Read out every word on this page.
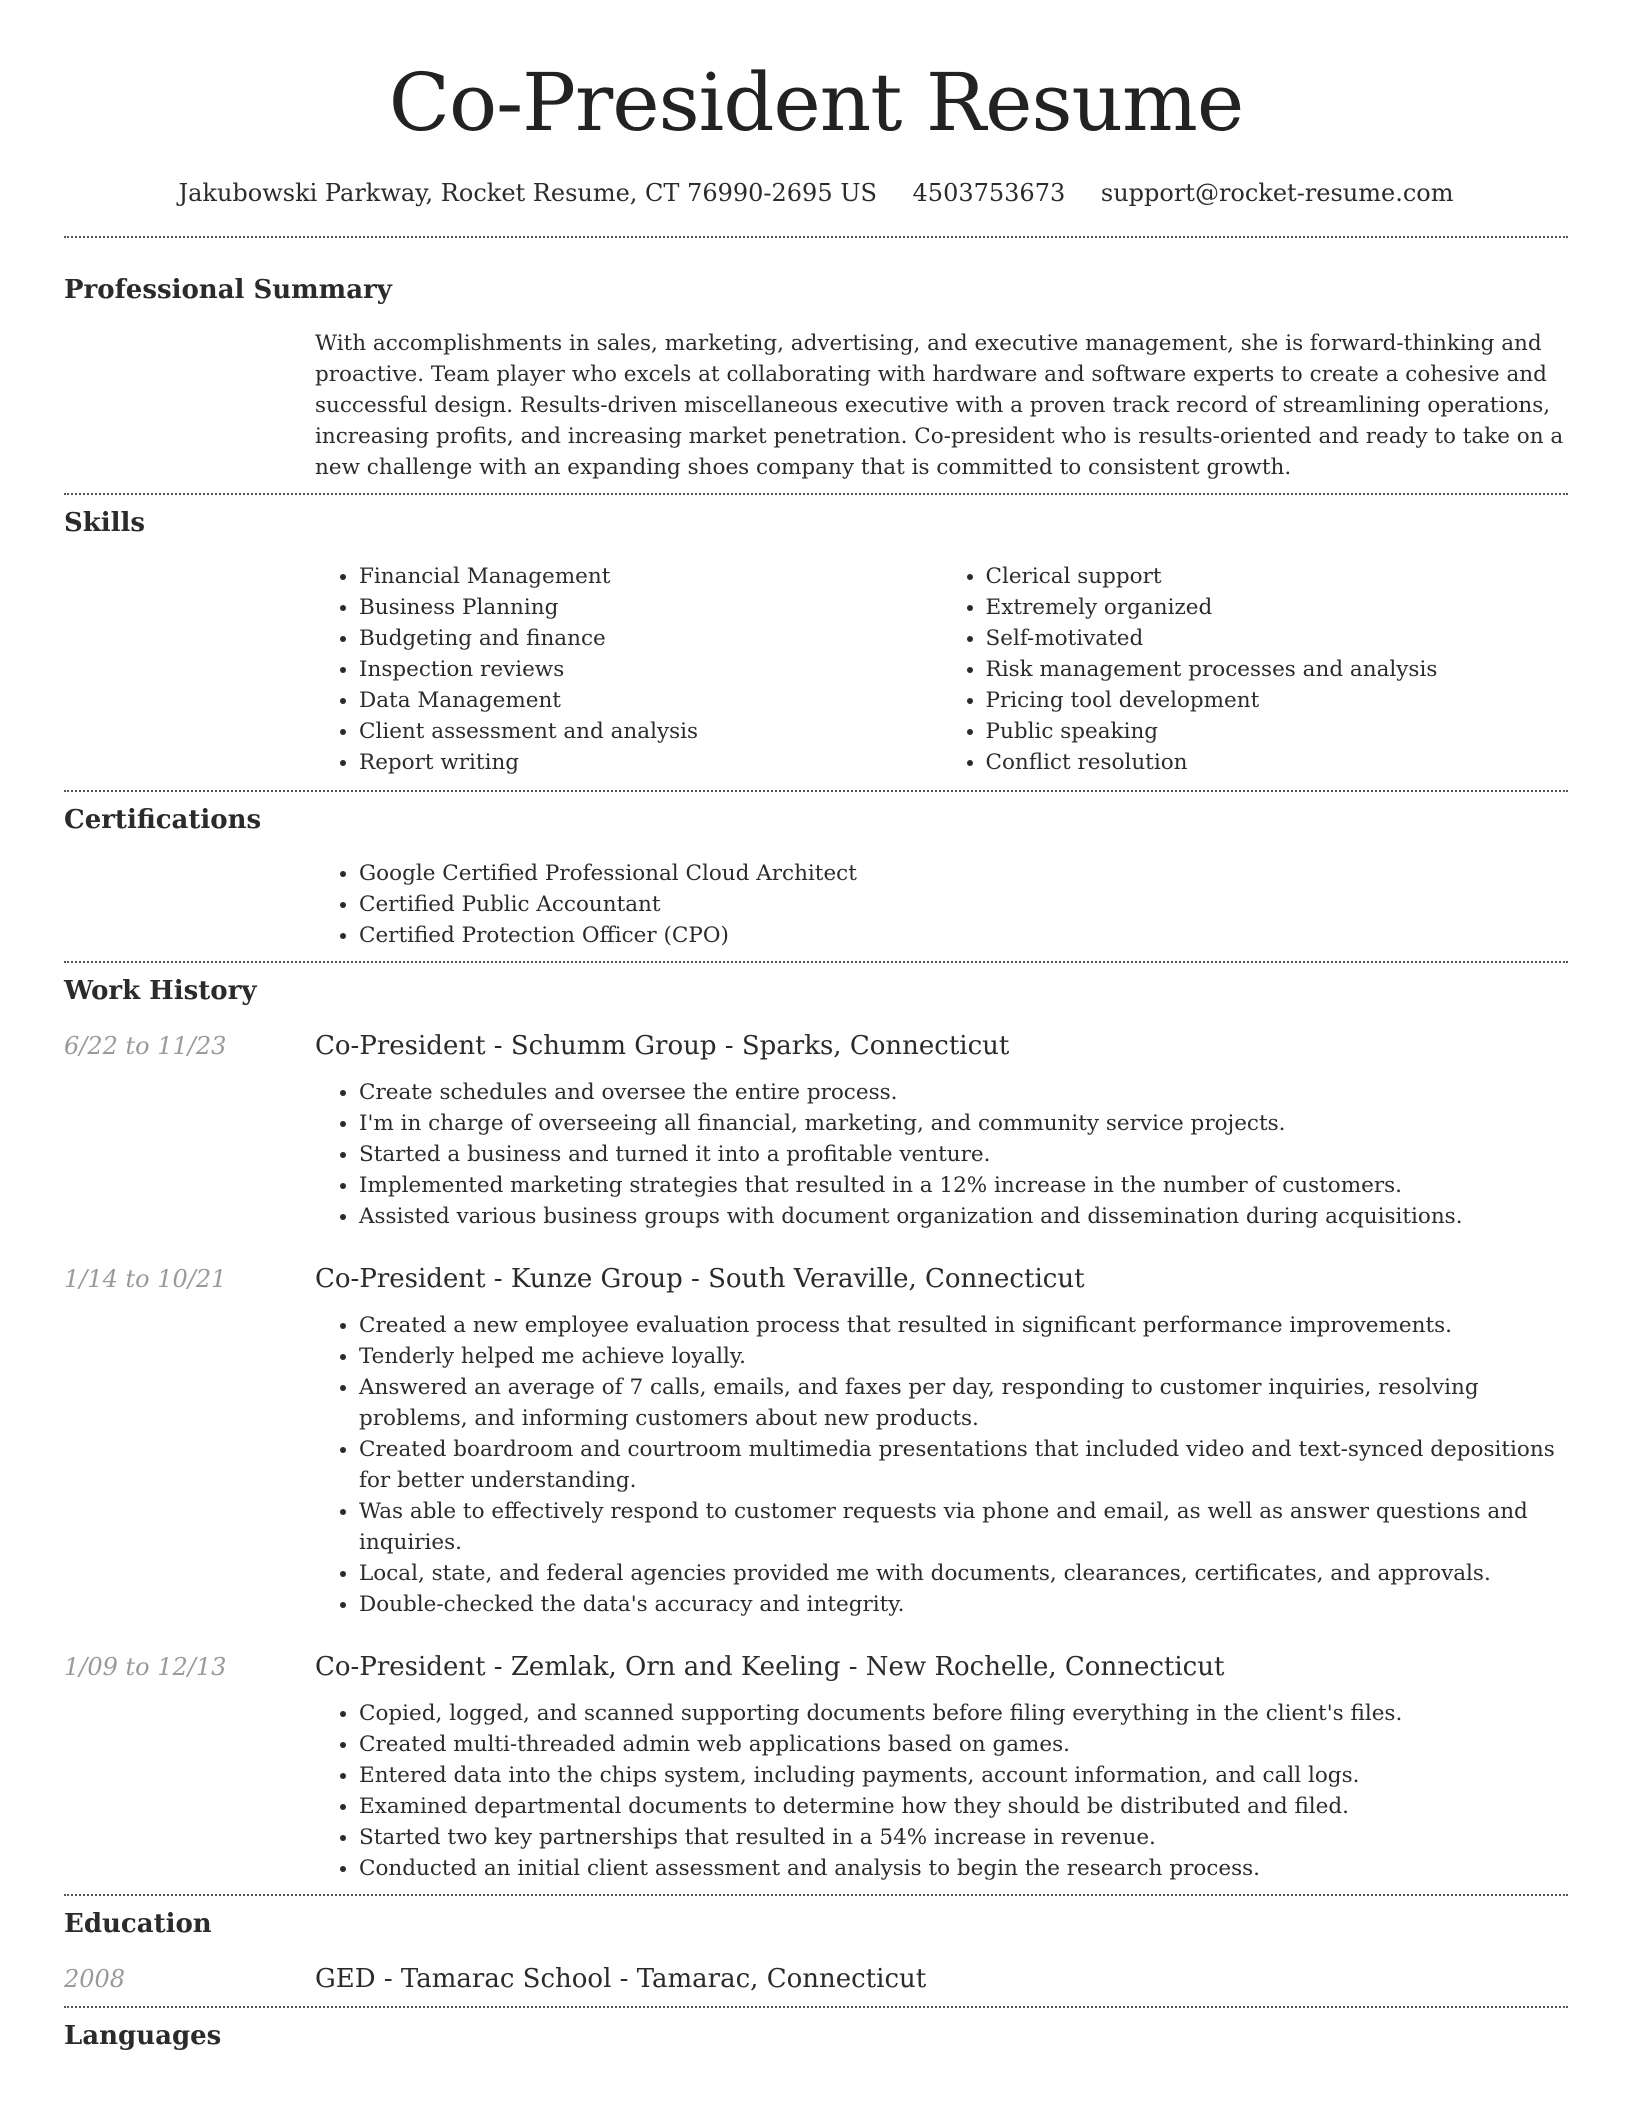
Co-President Resume
Jakubowski Parkway, Rocket Resume, CT 76990-2695 US 4503753673 support@rocket-resume.com
Professional Summary

With accomplishments in sales, marketing, advertising, and executive management, she is forward-thinking and proactive. Team player who excels at collaborating with hardware and software experts to create a cohesive and successful design. Results-driven miscellaneous executive with a proven track record of streamlining operations, increasing profits, and increasing market penetration. Co-president who is results-oriented and ready to take on a new challenge with an expanding shoes company that is committed to consistent growth.

Skills
• Financial Management
• Business Planning
• Budgeting and finance
• Inspection reviews
• Data Management
• Client assessment and analysis
• Report writing
• Clerical support
• Extremely organized
• Self-motivated
• Risk management processes and analysis
• Pricing tool development
• Public speaking
• Conflict resolution
Certifications
• Google Certified Professional Cloud Architect
• Certified Public Accountant
• Certified Protection Officer (CPO)
Work History
6/22 to 11/23	Co-President - Schumm Group - Sparks, Connecticut
• Create schedules and oversee the entire process.
• I'm in charge of overseeing all financial, marketing, and community service projects.
• Started a business and turned it into a profitable venture.
• Implemented marketing strategies that resulted in a 12% increase in the number of customers.
• Assisted various business groups with document organization and dissemination during acquisitions.
1/14 to 10/21	Co-President - Kunze Group - South Veraville, Connecticut
• Created a new employee evaluation process that resulted in significant performance improvements.
• Tenderly helped me achieve loyally.
• Answered an average of 7 calls, emails, and faxes per day, responding to customer inquiries, resolving problems, and informing customers about new products.
• Created boardroom and courtroom multimedia presentations that included video and text-synced depositions for better understanding.
• Was able to effectively respond to customer requests via phone and email, as well as answer questions and inquiries.
• Local, state, and federal agencies provided me with documents, clearances, certificates, and approvals.
• Double-checked the data's accuracy and integrity.
1/09 to 12/13	Co-President - Zemlak, Orn and Keeling - New Rochelle, Connecticut
• Copied, logged, and scanned supporting documents before filing everything in the client's files.
• Created multi-threaded admin web applications based on games.
• Entered data into the chips system, including payments, account information, and call logs.
• Examined departmental documents to determine how they should be distributed and filed.
• Started two key partnerships that resulted in a 54% increase in revenue.
• Conducted an initial client assessment and analysis to begin the research process.
Education
2008	GED - Tamarac School - Tamarac, Connecticut
Languages
